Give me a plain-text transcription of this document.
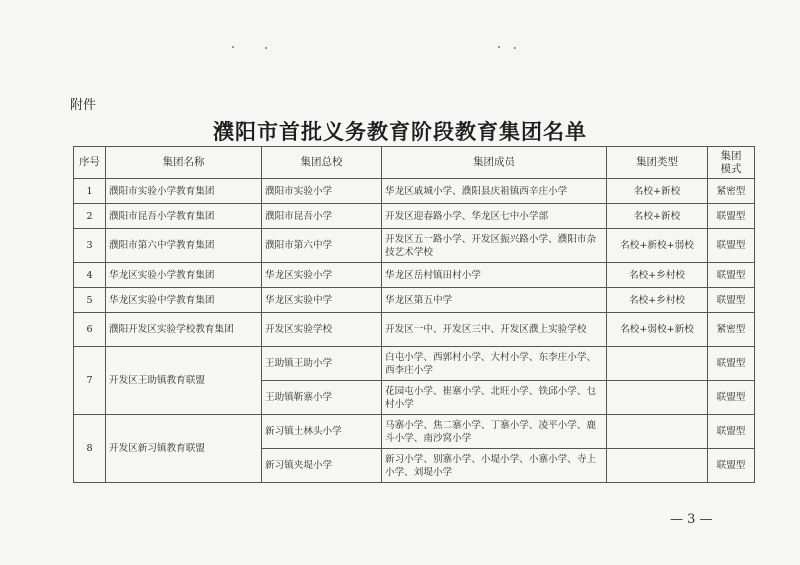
附件
濮阳市首批义务教育阶段教育集团名单
序号	集团名称	集团总校	集团成员	集团类型	集团
模式
1	濮阳市实验小学教育集团	濮阳市实验小学	华龙区戚城小学、濮阳县庆祖镇西辛庄小学	名校+新校	紧密型
2	濮阳市昆吾小学教育集团	濮阳市昆吾小学	开发区迎春路小学、华龙区七中小学部	名校+新校	联盟型
3	濮阳市第六中学教育集团	濮阳市第六中学	开发区五一路小学、开发区振兴路小学、濮阳市杂技艺术学校	名校+新校+弱校	联盟型
4	华龙区实验小学教育集团	华龙区实验小学	华龙区岳村镇田村小学	名校+乡村校	联盟型
5	华龙区实验中学教育集团	华龙区实验中学	华龙区第五中学	名校+乡村校	联盟型
6	濮阳开发区实验学校教育集团	开发区实验学校	开发区一中、开发区三中、开发区濮上实验学校	名校+弱校+新校	紧密型
7	开发区王助镇教育联盟	王助镇王助小学	白屯小学、西郭村小学、大村小学、东李庄小学、西李庄小学		联盟型
		王助镇靳寨小学	花园屯小学、崔寨小学、北旺小学、铁邱小学、乜村小学		联盟型
8	开发区新习镇教育联盟	新习镇土林头小学	马寨小学、焦二寨小学、丁寨小学、凌平小学、鹿斗小学、南沙窝小学		联盟型
		新习镇夹堤小学	新习小学、别寨小学、小堤小学、小寨小学、寺上小学、刘堤小学		联盟型
— 3 —
